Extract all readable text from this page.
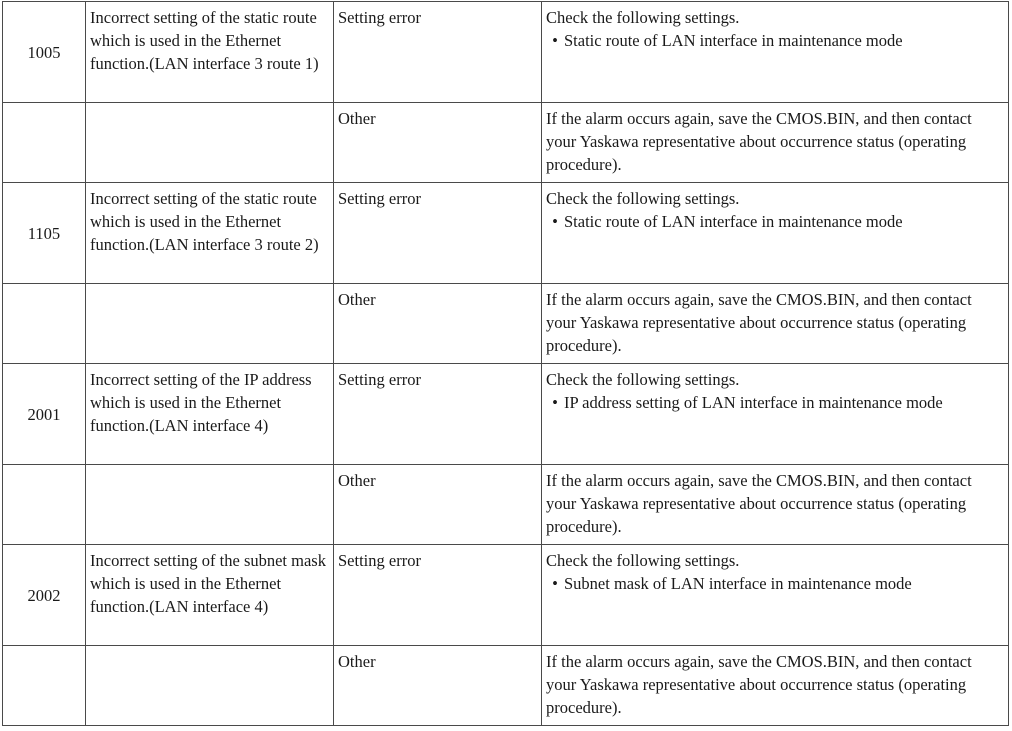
1005	Incorrect setting of the static route which is used in the Ethernet function.(LAN interface 3 route 1)	Setting error	Check the following settings.
• Static route of LAN interface in maintenance mode

		Other	If the alarm occurs again, save the CMOS.BIN, and then contact your Yaskawa representative about occurrence status (operating procedure).
1105	Incorrect setting of the static route which is used in the Ethernet function.(LAN interface 3 route 2)	Setting error	Check the following settings.
• Static route of LAN interface in maintenance mode

		Other	If the alarm occurs again, save the CMOS.BIN, and then contact your Yaskawa representative about occurrence status (operating procedure).
2001	Incorrect setting of the IP address which is used in the Ethernet function.(LAN interface 4)	Setting error	Check the following settings.
• IP address setting of LAN interface in maintenance mode

		Other	If the alarm occurs again, save the CMOS.BIN, and then contact your Yaskawa representative about occurrence status (operating procedure).
2002	Incorrect setting of the subnet mask which is used in the Ethernet function.(LAN interface 4)	Setting error	Check the following settings.
• Subnet mask of LAN interface in maintenance mode

		Other	If the alarm occurs again, save the CMOS.BIN, and then contact your Yaskawa representative about occurrence status (operating procedure).
